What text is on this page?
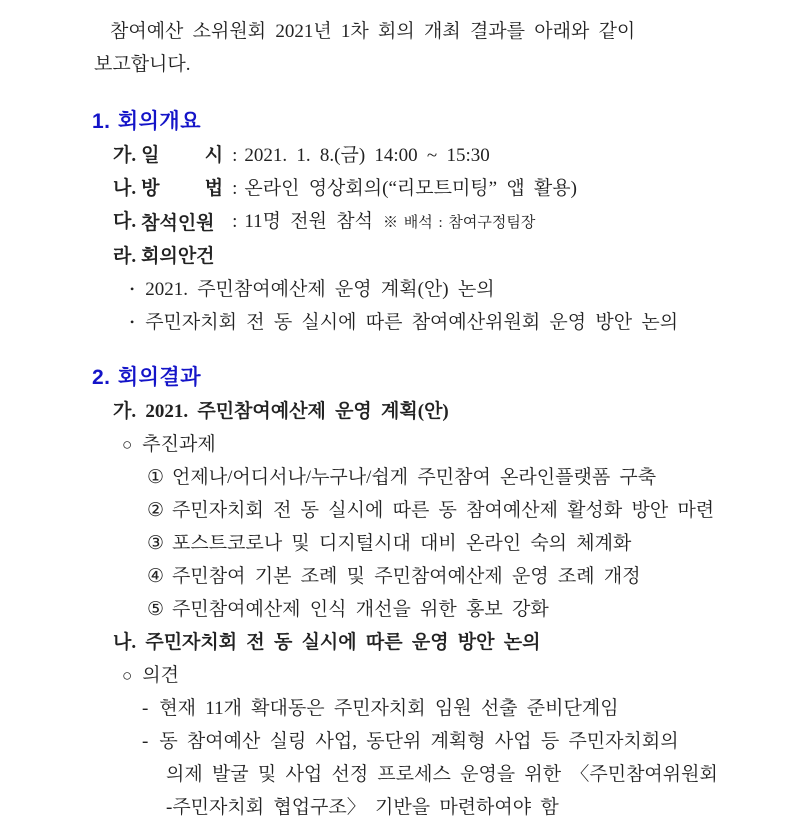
참여예산 소위원회 2021년 1차 회의 개최 결과를 아래와 같이
보고합니다.
1. 회의개요
가. 일 시 : 2021. 1. 8.(금) 14:00 ~ 15:30
나. 방 법 : 온라인 영상회의(“리모트미팅” 앱 활용)
다. 참석인원 : 11명 전원 참석 ※ 배석 : 참여구정팀장
라. 회의안건
• 2021. 주민참여예산제 운영 계획(안) 논의
• 주민자치회 전 동 실시에 따른 참여예산위원회 운영 방안 논의
2. 회의결과
가. 2021. 주민참여예산제 운영 계획(안)
○ 추진과제
① 언제나/어디서나/누구나/쉽게 주민참여 온라인플랫폼 구축
② 주민자치회 전 동 실시에 따른 동 참여예산제 활성화 방안 마련
③ 포스트코로나 및 디지털시대 대비 온라인 숙의 체계화
④ 주민참여 기본 조례 및 주민참여예산제 운영 조례 개정
⑤ 주민참여예산제 인식 개선을 위한 홍보 강화
나. 주민자치회 전 동 실시에 따른 운영 방안 논의
○ 의견
- 현재 11개 확대동은 주민자치회 임원 선출 준비단계임
- 동 참여예산 실링 사업, 동단위 계획형 사업 등 주민자치회의
의제 발굴 및 사업 선정 프로세스 운영을 위한 〈주민참여위원회
-주민자치회 협업구조〉 기반을 마련하여야 함
